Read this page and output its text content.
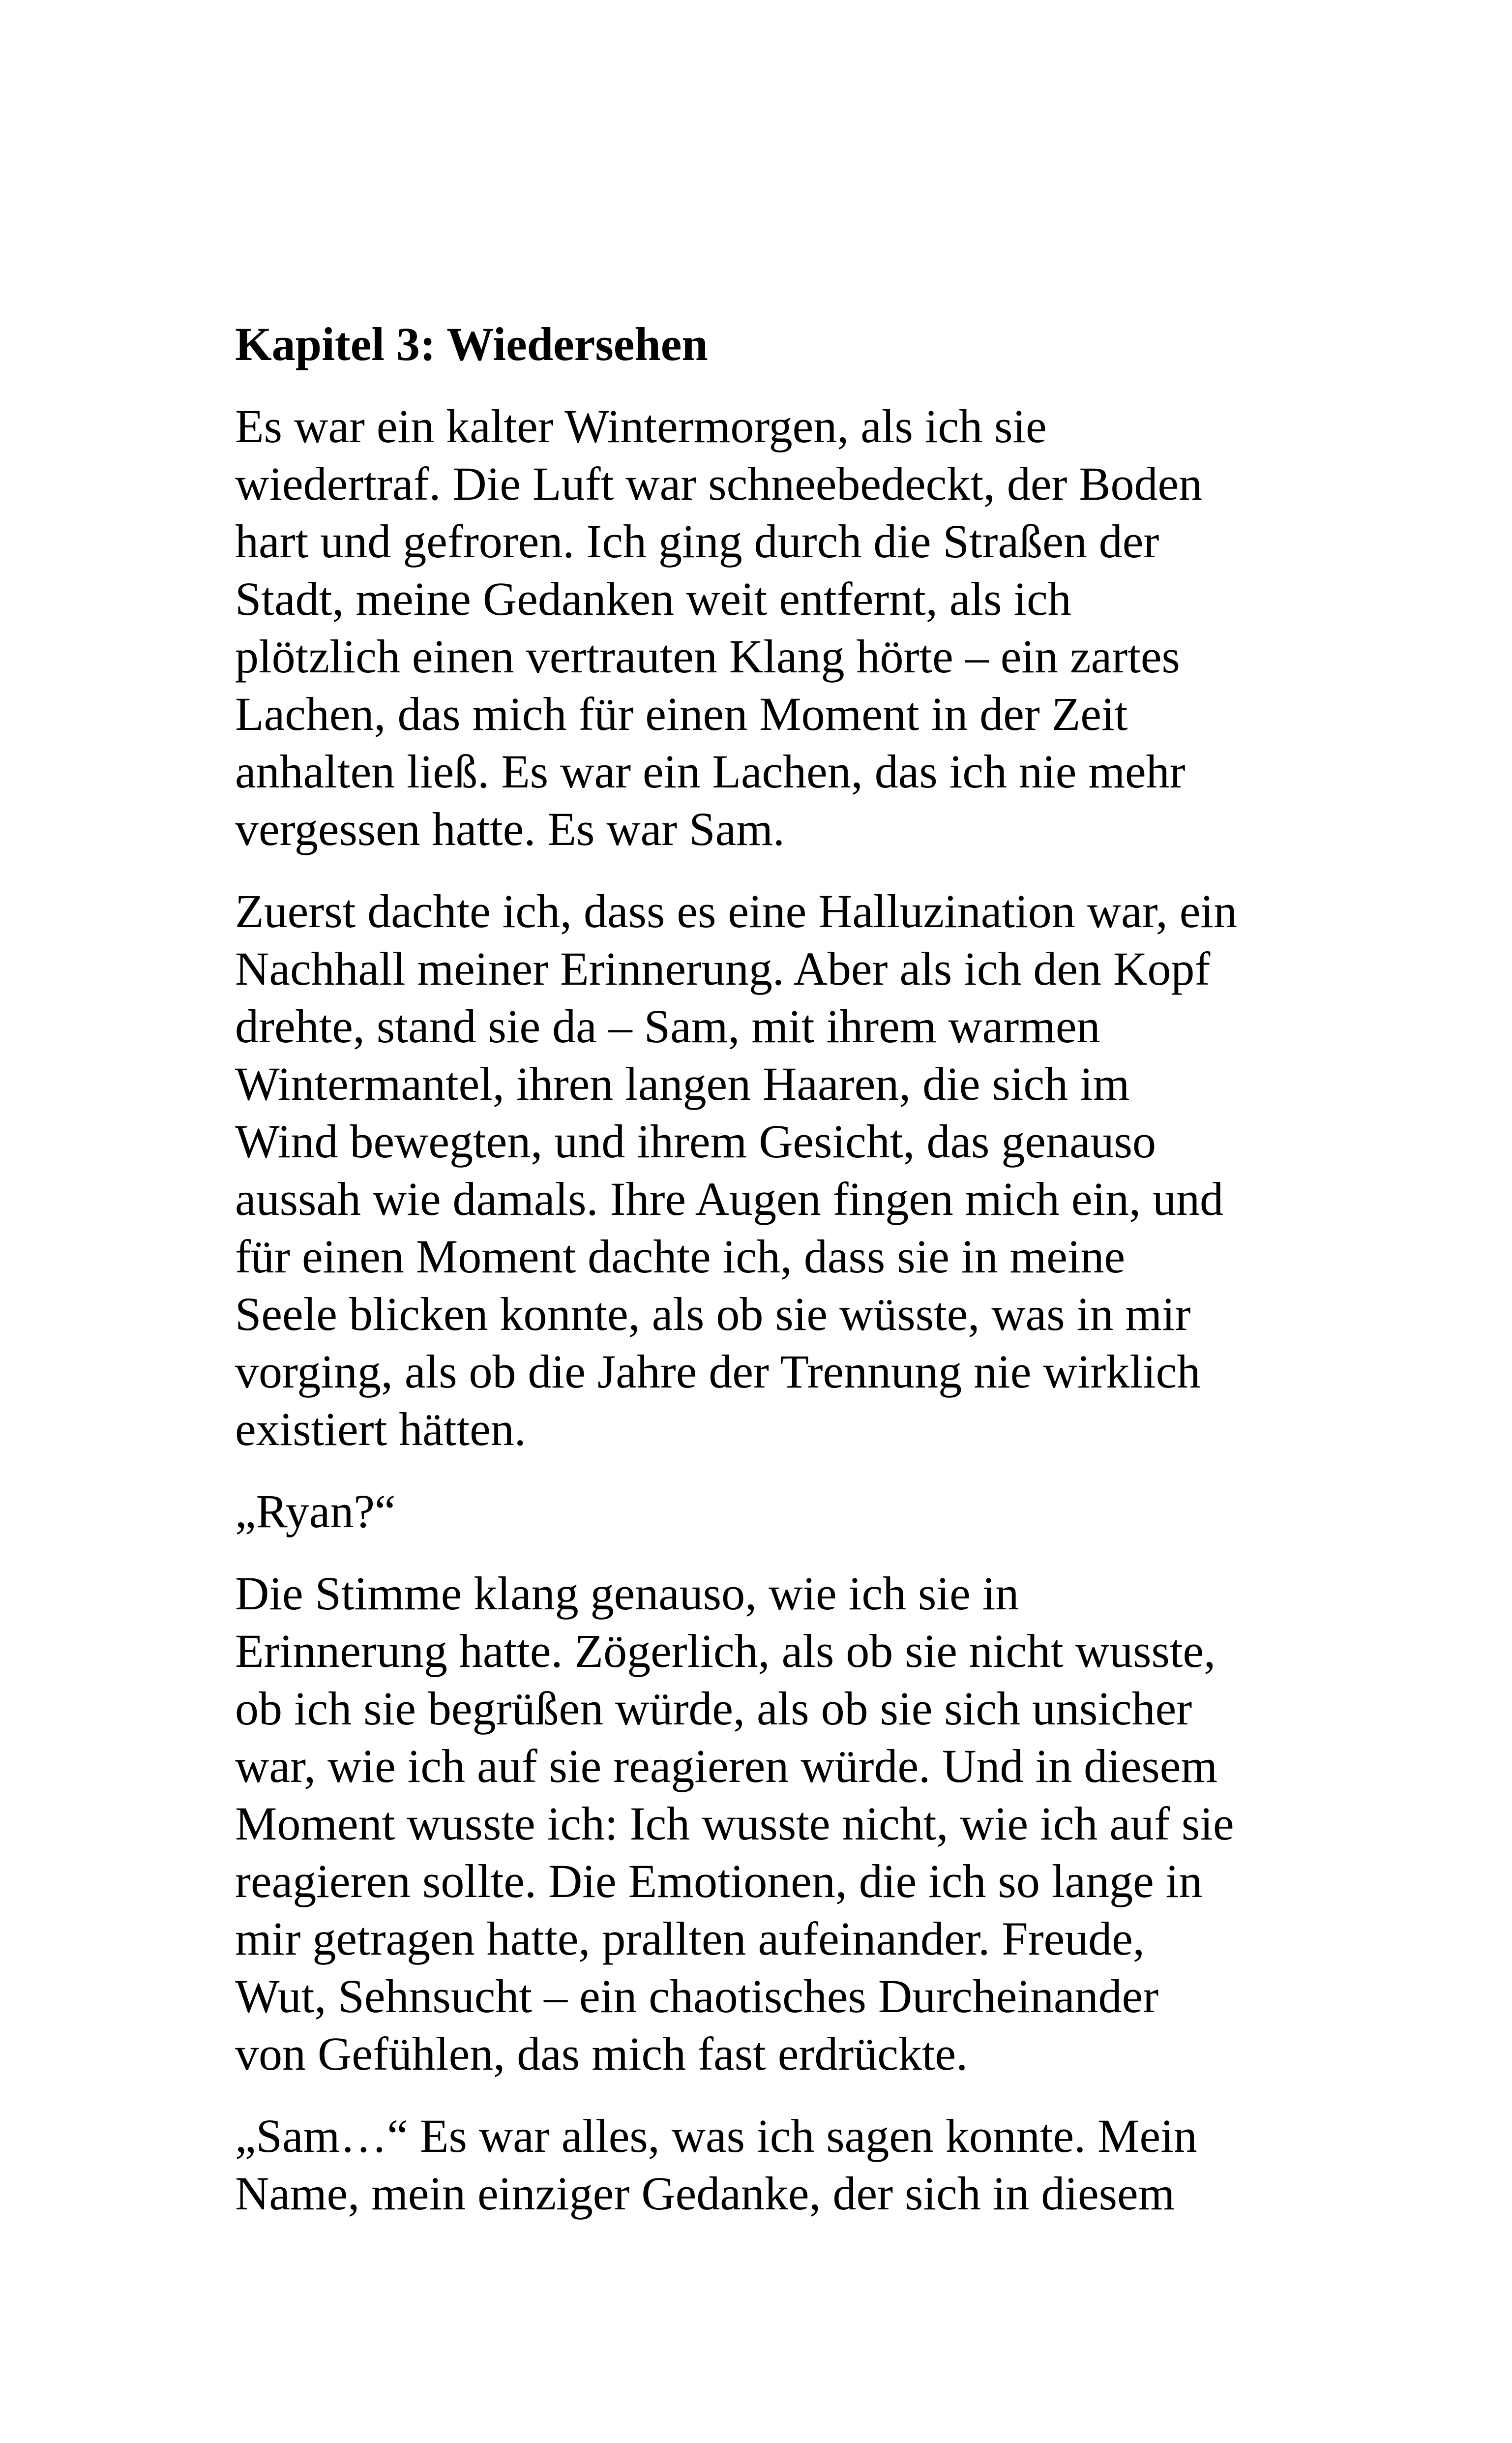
Kapitel 3: Wiedersehen
Es war ein kalter Wintermorgen, als ich sie
wiedertraf. Die Luft war schneebedeckt, der Boden
hart und gefroren. Ich ging durch die Straßen der
Stadt, meine Gedanken weit entfernt, als ich
plötzlich einen vertrauten Klang hörte – ein zartes
Lachen, das mich für einen Moment in der Zeit
anhalten ließ. Es war ein Lachen, das ich nie mehr
vergessen hatte. Es war Sam.
Zuerst dachte ich, dass es eine Halluzination war, ein
Nachhall meiner Erinnerung. Aber als ich den Kopf
drehte, stand sie da – Sam, mit ihrem warmen
Wintermantel, ihren langen Haaren, die sich im
Wind bewegten, und ihrem Gesicht, das genauso
aussah wie damals. Ihre Augen fingen mich ein, und
für einen Moment dachte ich, dass sie in meine
Seele blicken konnte, als ob sie wüsste, was in mir
vorging, als ob die Jahre der Trennung nie wirklich
existiert hätten.
„Ryan?“
Die Stimme klang genauso, wie ich sie in
Erinnerung hatte. Zögerlich, als ob sie nicht wusste,
ob ich sie begrüßen würde, als ob sie sich unsicher
war, wie ich auf sie reagieren würde. Und in diesem
Moment wusste ich: Ich wusste nicht, wie ich auf sie
reagieren sollte. Die Emotionen, die ich so lange in
mir getragen hatte, prallten aufeinander. Freude,
Wut, Sehnsucht – ein chaotisches Durcheinander
von Gefühlen, das mich fast erdrückte.
„Sam…“ Es war alles, was ich sagen konnte. Mein
Name, mein einziger Gedanke, der sich in diesem
